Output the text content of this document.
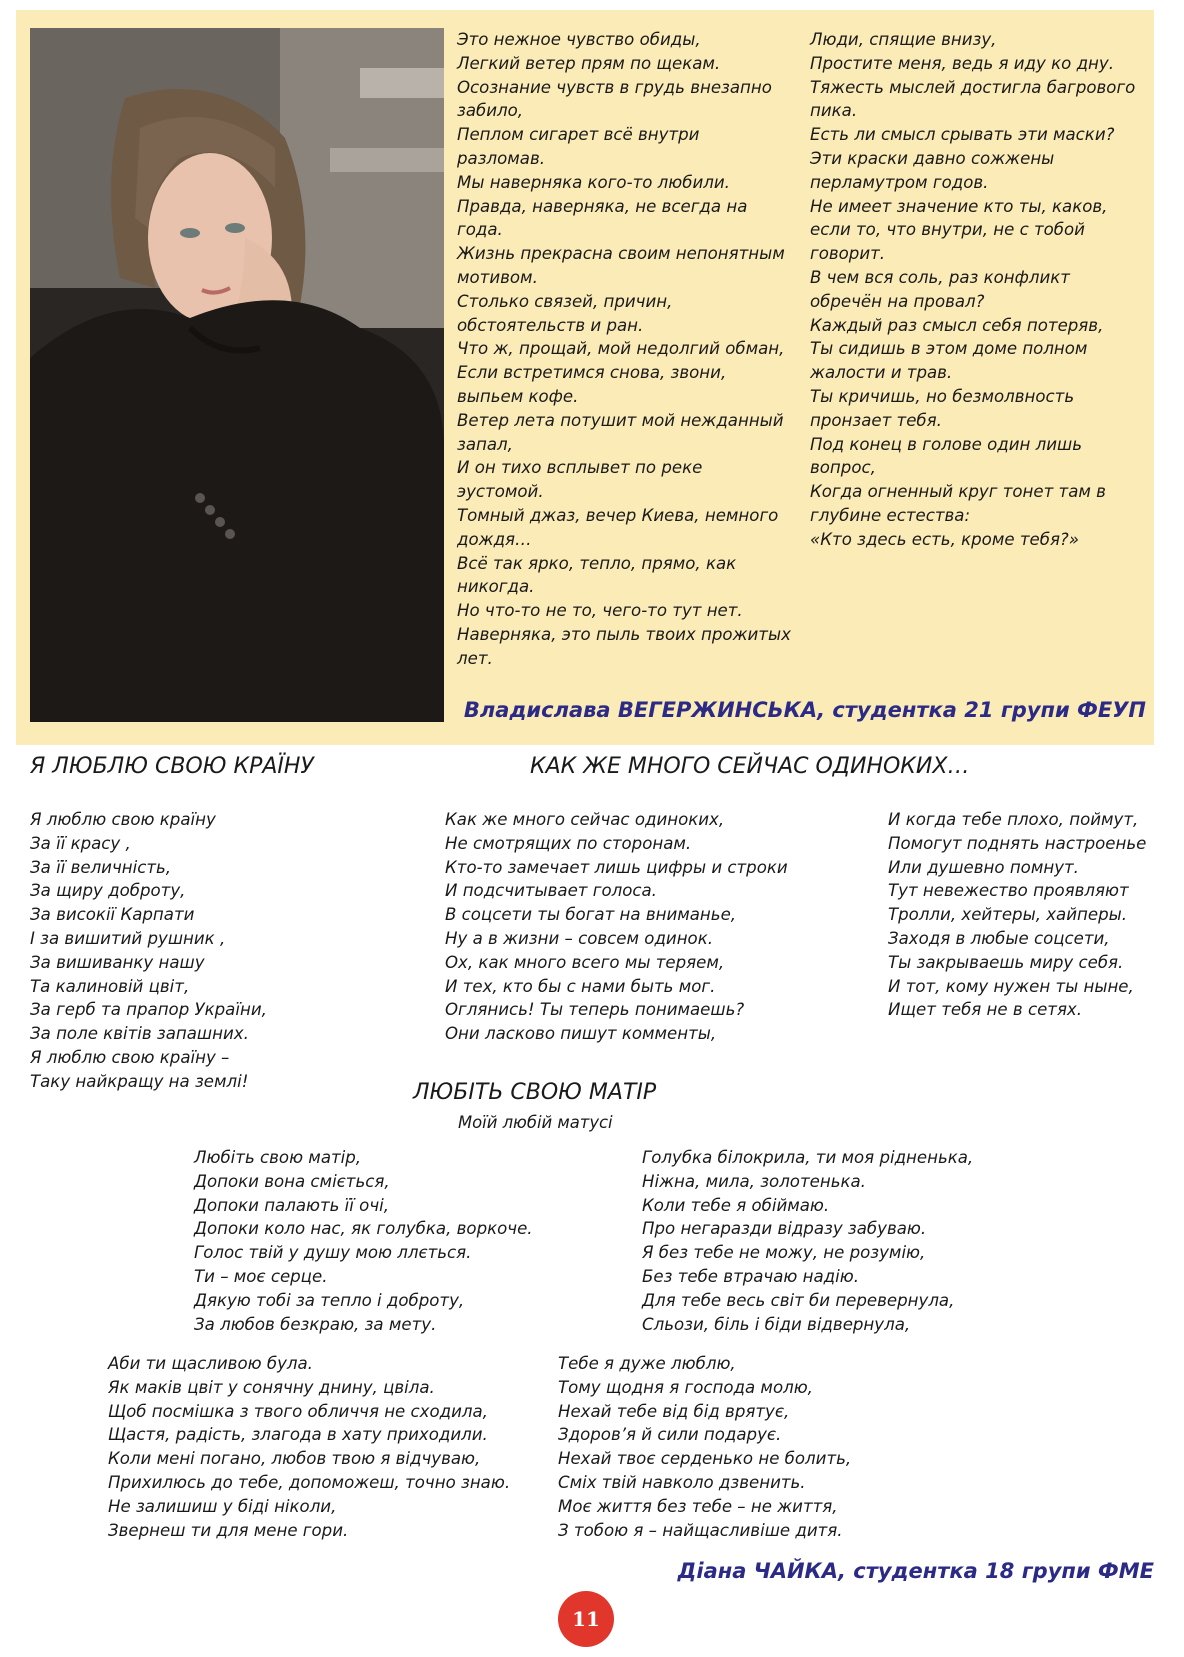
Это нежное чувство обиды,
Легкий ветер прям по щекам.
Осознание чувств в грудь внезапно
забило,
Пеплом сигарет всё внутри
разломав.
Мы наверняка кого-то любили.
Правда, наверняка, не всегда на
года.
Жизнь прекрасна своим непонятным
мотивом.
Столько связей, причин,
обстоятельств и ран.
Что ж, прощай, мой недолгий обман,
Если встретимся снова, звони,
выпьем кофе.
Ветер лета потушит мой нежданный
запал,
И он тихо всплывет по реке
эустомой.
Томный джаз, вечер Киева, немного
дождя…
Всё так ярко, тепло, прямо, как
никогда.
Но что-то не то, чего-то тут нет.
Наверняка, это пыль твоих прожитых
лет.
Люди, спящие внизу,
Простите меня, ведь я иду ко дну.
Тяжесть мыслей достигла багрового
пика.
Есть ли смысл срывать эти маски?
Эти краски давно сожжены
перламутром годов.
Не имеет значение кто ты, каков,
если то, что внутри, не с тобой
говорит.
В чем вся соль, раз конфликт
обречён на провал?
Каждый раз смысл себя потеряв,
Ты сидишь в этом доме полном
жалости и трав.
Ты кричишь, но безмолвность
пронзает тебя.
Под конец в голове один лишь
вопрос,
Когда огненный круг тонет там в
глубине естества:
«Кто здесь есть, кроме тебя?»
Владислава ВЕГЕРЖИНСЬКА, студентка 21 групи ФЕУП
Я ЛЮБЛЮ СВОЮ КРАЇНУ	КАК ЖЕ МНОГО СЕЙЧАС ОДИНОКИХ…
Я люблю свою країну
За її красу ,
За її величність,
За щиру доброту,
За високії Карпати
І за вишитий рушник ,
За вишиванку нашу
Та калиновій цвіт,
За герб та прапор України,
За поле квітів запашних.
Я люблю свою країну –
Таку найкращу на землі!
Как же много сейчас одиноких,
Не смотрящих по сторонам.
Кто-то замечает лишь цифры и строки
И подсчитывает голоса.
В соцсети ты богат на вниманье,
Ну а в жизни – совсем одинок.
Ох, как много всего мы теряем,
И тех, кто бы с нами быть мог.
Оглянись! Ты теперь понимаешь?
Они ласково пишут комменты,
И когда тебе плохо, поймут,
Помогут поднять настроенье
Или душевно помнут.
Тут невежество проявляют
Тролли, хейтеры, хайперы.
Заходя в любые соцсети,
Ты закрываешь миру себя.
И тот, кому нужен ты ныне,
Ищет тебя не в сетях.
ЛЮБІТЬ СВОЮ МАТІР
Моїй любій матусі
Любіть свою матір,
Допоки вона сміється,
Допоки палають її очі,
Допоки коло нас, як голубка, воркоче.
Голос твій у душу мою ллється.
Ти – моє серце.
Дякую тобі за тепло і доброту,
За любов безкраю, за мету.
Голубка білокрила, ти моя рідненька,
Ніжна, мила, золотенька.
Коли тебе я обіймаю.
Про негаразди відразу забуваю.
Я без тебе не можу, не розумію,
Без тебе втрачаю надію.
Для тебе весь світ би перевернула,
Сльози, біль і біди відвернула,
Аби ти щасливою була.
Як маків цвіт у сонячну днину, цвіла.
Щоб посмішка з твого обличчя не сходила,
Щастя, радість, злагода в хату приходили.
Коли мені погано, любов твою я відчуваю,
Прихилюсь до тебе, допоможеш, точно знаю.
Не залишиш у біді ніколи,
Звернеш ти для мене гори.
Тебе я дуже люблю,
Тому щодня я господа молю,
Нехай тебе від бід врятує,
Здоров’я й сили подарує.
Нехай твоє серденько не болить,
Сміх твій навколо дзвенить.
Моє життя без тебе – не життя,
З тобою я – найщасливіше дитя.
Діана ЧАЙКА, студентка 18 групи ФМЕ
11
